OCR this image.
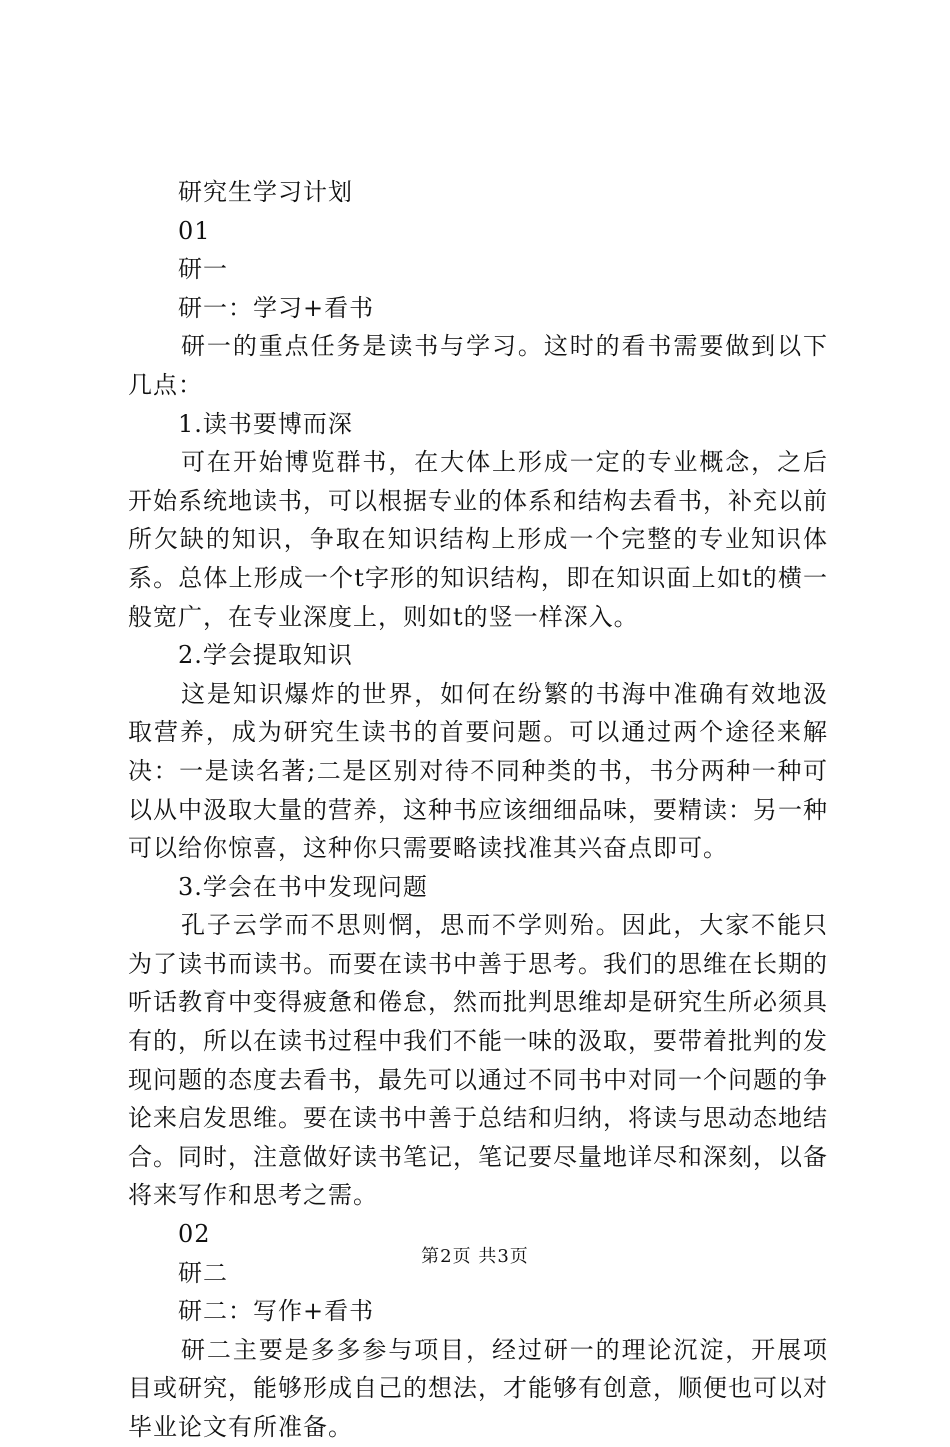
研究生学习计划
01
研一
研一：学习+看书
研一的重点任务是读书与学习。这时的看书需要做到以下几点：
1.读书要博而深
可在开始博览群书，在大体上形成一定的专业概念，之后开始系统地读书，可以根据专业的体系和结构去看书，补充以前所欠缺的知识，争取在知识结构上形成一个完整的专业知识体系。总体上形成一个t字形的知识结构，即在知识面上如t的横一般宽广，在专业深度上，则如t的竖一样深入。
2.学会提取知识
这是知识爆炸的世界，如何在纷繁的书海中准确有效地汲取营养，成为研究生读书的首要问题。可以通过两个途径来解决：一是读名著;二是区别对待不同种类的书，书分两种一种可以从中汲取大量的营养，这种书应该细细品味，要精读：另一种可以给你惊喜，这种你只需要略读找准其兴奋点即可。
3.学会在书中发现问题
孔子云学而不思则惘，思而不学则殆。因此，大家不能只为了读书而读书。而要在读书中善于思考。我们的思维在长期的听话教育中变得疲惫和倦怠，然而批判思维却是研究生所必须具有的，所以在读书过程中我们不能一味的汲取，要带着批判的发现问题的态度去看书，最先可以通过不同书中对同一个问题的争论来启发思维。要在读书中善于总结和归纳，将读与思动态地结合。同时，注意做好读书笔记，笔记要尽量地详尽和深刻，以备将来写作和思考之需。
02
研二
研二：写作+看书
研二主要是多多参与项目，经过研一的理论沉淀，开展项目或研究，能够形成自己的想法，才能够有创意，顺便也可以对毕业论文有所准备。
第2页 共3页
